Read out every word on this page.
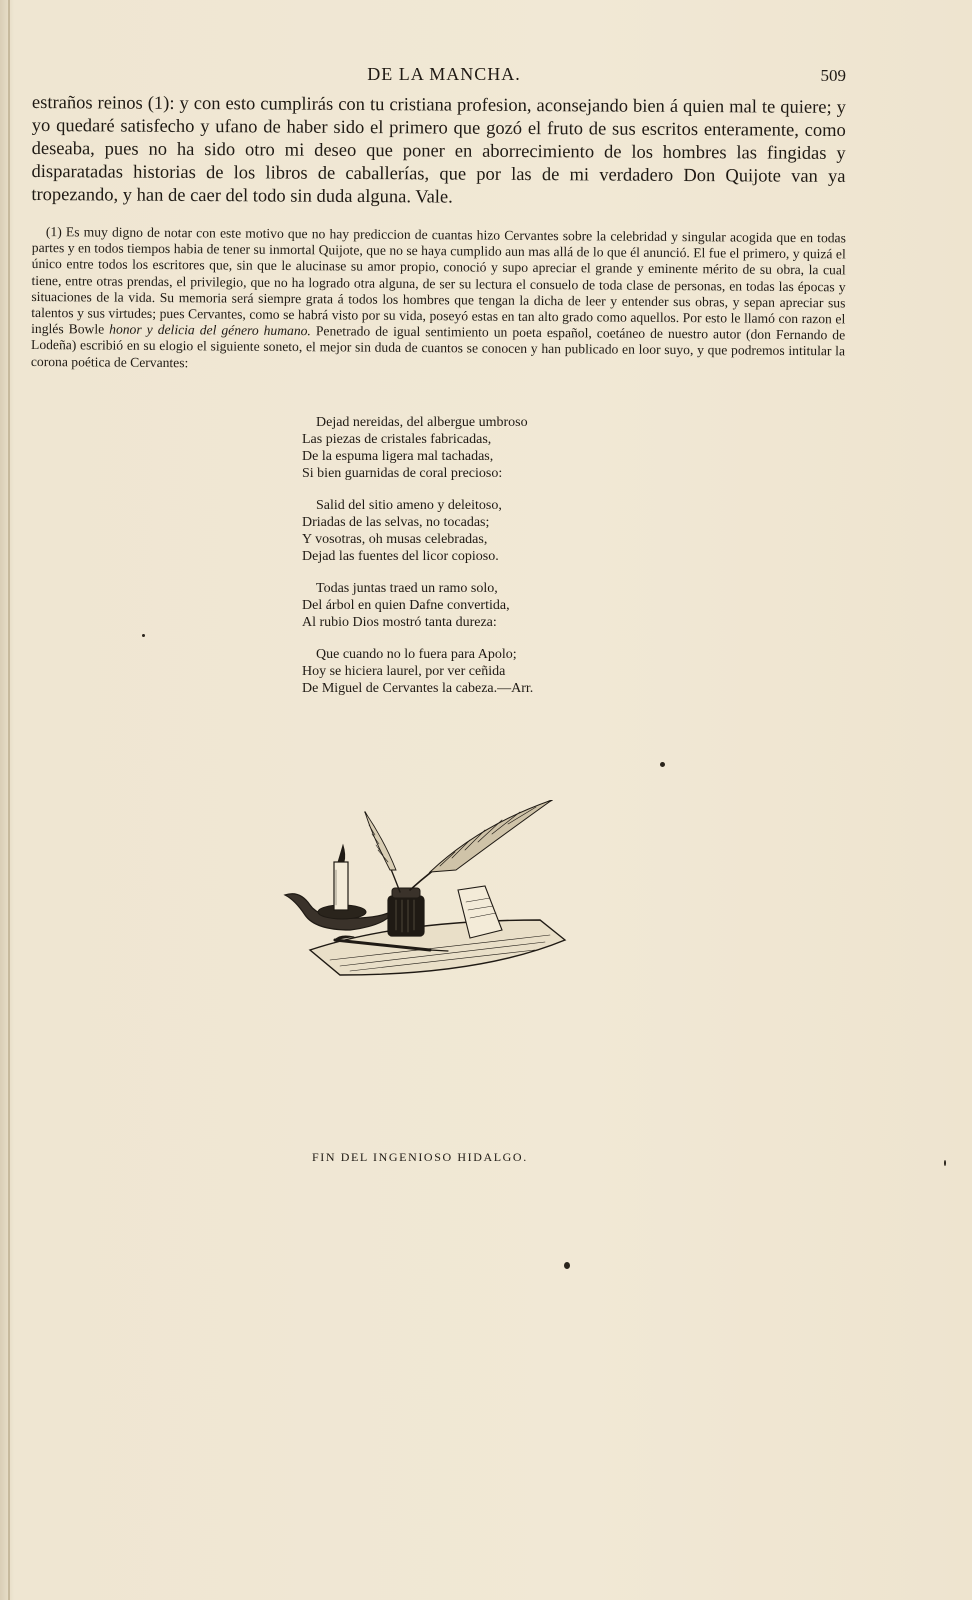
DE LA MANCHA.	509

estraños reinos (1): y con esto cumplirás con tu cristiana profesion, aconsejando bien á quien mal te quiere; y yo quedaré satisfecho y ufano de haber sido el primero que gozó el fruto de sus escritos enteramente, como deseaba, pues no ha sido otro mi deseo que poner en aborrecimiento de los hombres las fingidas y disparatadas historias de los libros de caballerías, que por las de mi verdadero Don Quijote van ya tropezando, y han de caer del todo sin duda alguna. Vale.

(1) Es muy digno de notar con este motivo que no hay prediccion de cuantas hizo Cervantes sobre la celebridad y singular acogida que en todas partes y en todos tiempos habia de tener su inmortal Quijote, que no se haya cumplido aun mas allá de lo que él anunció. El fue el primero, y quizá el único entre todos los escritores que, sin que le alucinase su amor propio, conoció y supo apreciar el grande y eminente mérito de su obra, la cual tiene, entre otras prendas, el privilegio, que no ha logrado otra alguna, de ser su lectura el consuelo de toda clase de personas, en todas las épocas y situaciones de la vida. Su memoria será siempre grata á todos los hombres que tengan la dicha de leer y entender sus obras, y sepan apreciar sus talentos y sus virtudes; pues Cervantes, como se habrá visto por su vida, poseyó estas en tan alto grado como aquellos. Por esto le llamó con razon el inglés Bowle honor y delicia del género humano. Penetrado de igual sentimiento un poeta español, coetáneo de nuestro autor (don Fernando de Lodeña) escribió en su elogio el siguiente soneto, el mejor sin duda de cuantos se conocen y han publicado en loor suyo, y que podremos intitular la corona poética de Cervantes:

Dejad nereidas, del albergue umbroso
Las piezas de cristales fabricadas,
De la espuma ligera mal tachadas,
Si bien guarnidas de coral precioso:
Salid del sitio ameno y deleitoso,
Driadas de las selvas, no tocadas;
Y vosotras, oh musas celebradas,
Dejad las fuentes del licor copioso.
Todas juntas traed un ramo solo,
Del árbol en quien Dafne convertida,
Al rubio Dios mostró tanta dureza:
Que cuando no lo fuera para Apolo;
Hoy se hiciera laurel, por ver ceñida
De Miguel de Cervantes la cabeza.—Arr.
FIN DEL INGENIOSO HIDALGO.
